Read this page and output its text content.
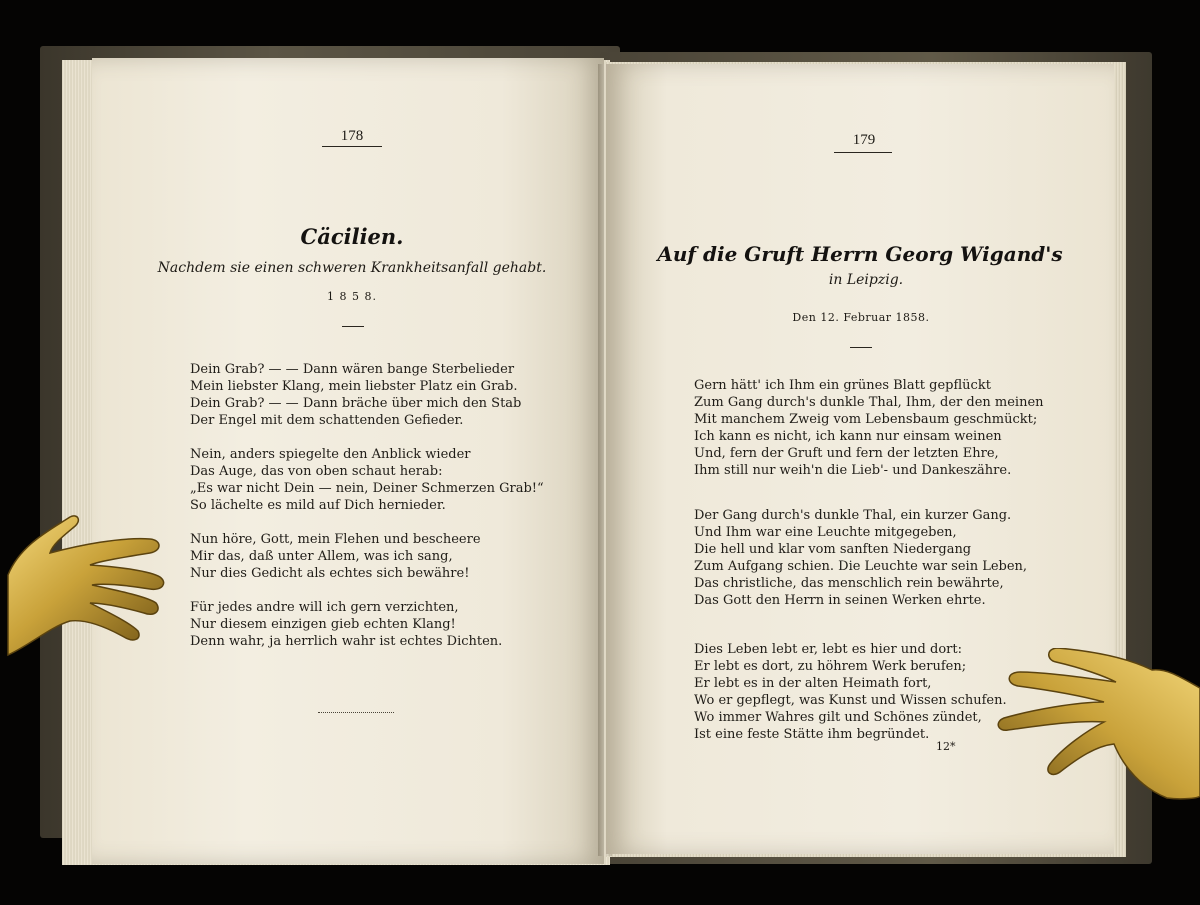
178
Cäcilien.
Nachdem sie einen schweren Krankheitsanfall gehabt.
1 8 5 8.
Dein Grab? — — Dann wären bange Sterbelieder
Mein liebster Klang, mein liebster Platz ein Grab.
Dein Grab? — — Dann bräche über mich den Stab
Der Engel mit dem schattenden Gefieder.
Nein, anders spiegelte den Anblick wieder
Das Auge, das von oben schaut herab:
„Es war nicht Dein — nein, Deiner Schmerzen Grab!“
So lächelte es mild auf Dich hernieder.
Nun höre, Gott, mein Flehen und bescheere
Mir das, daß unter Allem, was ich sang,
Nur dies Gedicht als echtes sich bewähre!
Für jedes andre will ich gern verzichten,
Nur diesem einzigen gieb echten Klang!
Denn wahr, ja herrlich wahr ist echtes Dichten.
179
Auf die Gruft Herrn Georg Wigand's
in Leipzig.
Den 12. Februar 1858.
Gern hätt' ich Ihm ein grünes Blatt gepflückt
Zum Gang durch's dunkle Thal, Ihm, der den meinen
Mit manchem Zweig vom Lebensbaum geschmückt;
Ich kann es nicht, ich kann nur einsam weinen
Und, fern der Gruft und fern der letzten Ehre,
Ihm still nur weih'n die Lieb'- und Dankeszähre.
Der Gang durch's dunkle Thal, ein kurzer Gang.
Und Ihm war eine Leuchte mitgegeben,
Die hell und klar vom sanften Niedergang
Zum Aufgang schien. Die Leuchte war sein Leben,
Das christliche, das menschlich rein bewährte,
Das Gott den Herrn in seinen Werken ehrte.
Dies Leben lebt er, lebt es hier und dort:
Er lebt es dort, zu höhrem Werk berufen;
Er lebt es in der alten Heimath fort,
Wo er gepflegt, was Kunst und Wissen schufen.
Wo immer Wahres gilt und Schönes zündet,
Ist eine feste Stätte ihm begründet.
12*
